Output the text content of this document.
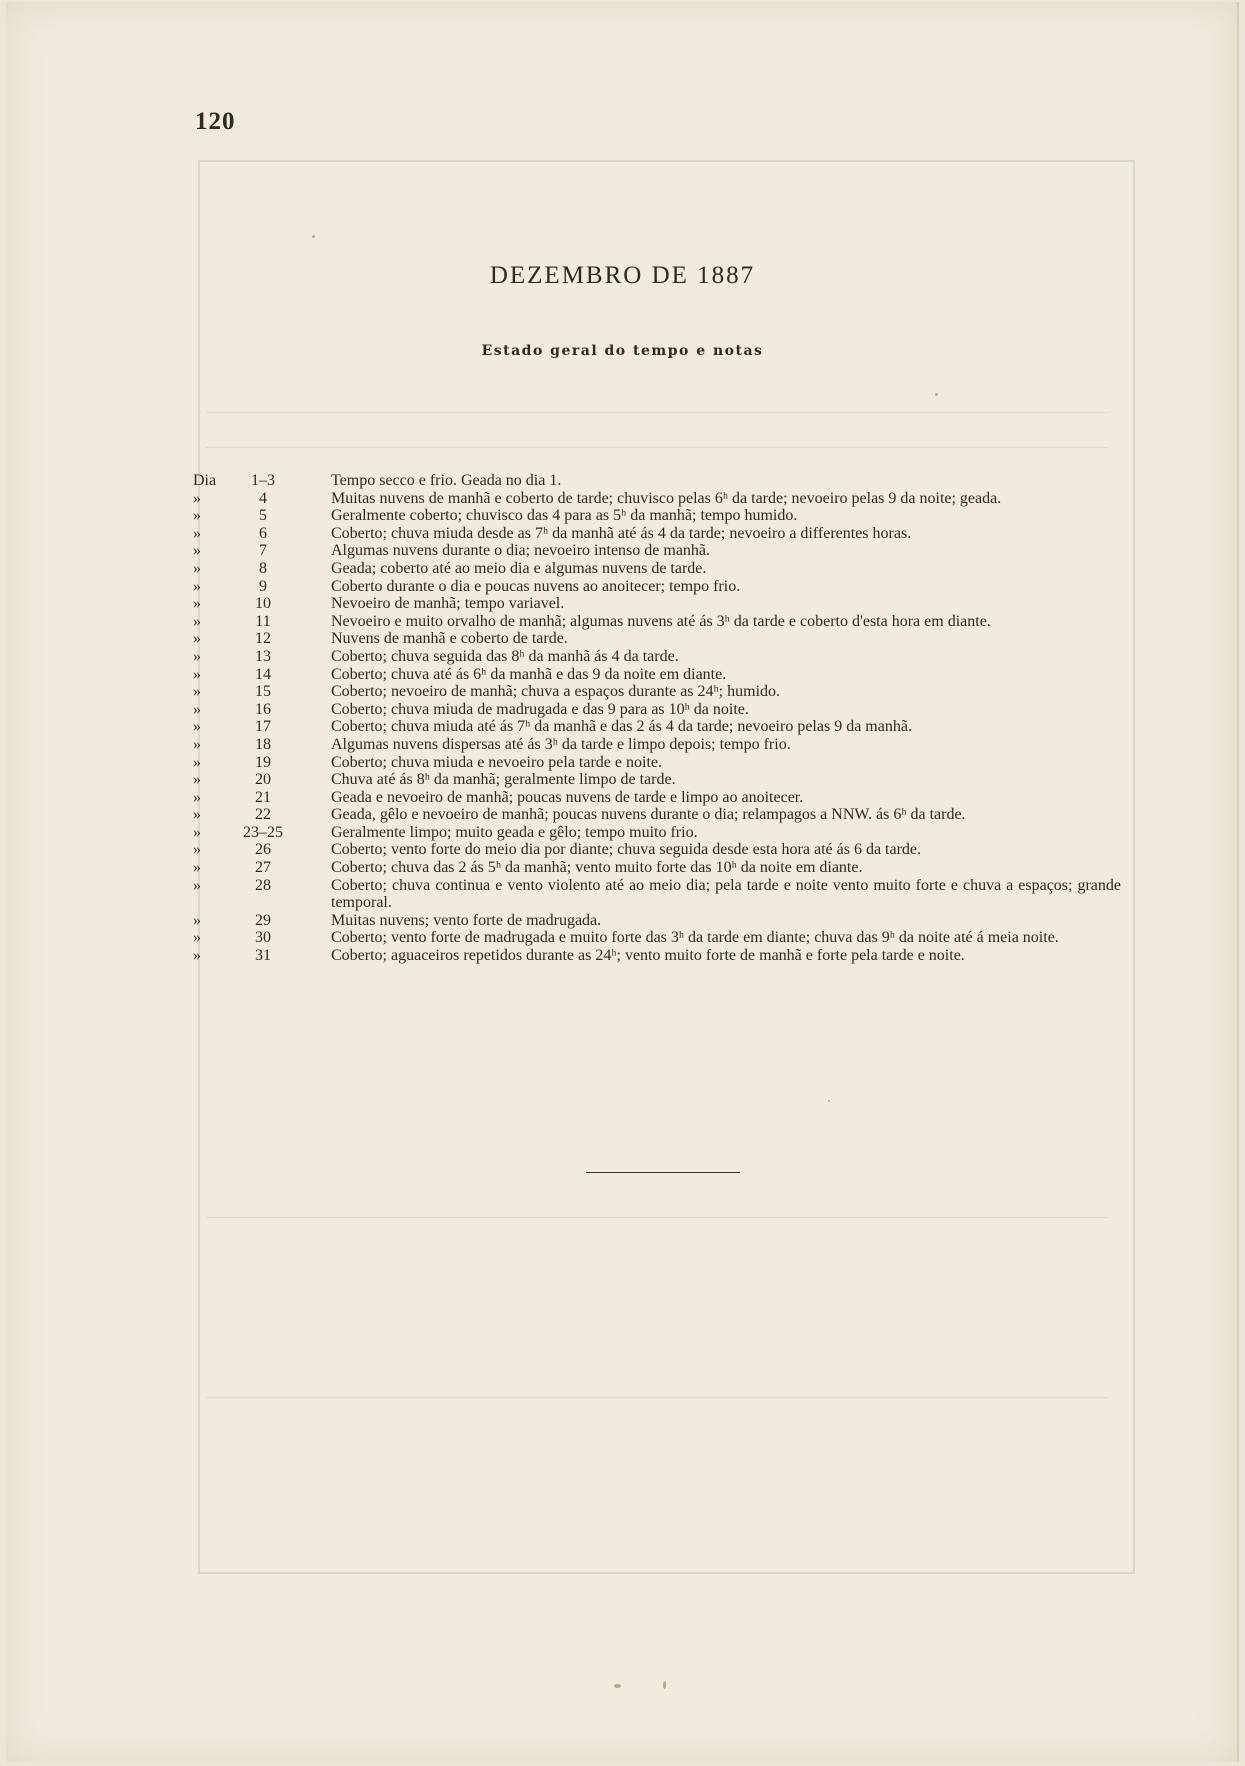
120
DEZEMBRO DE 1887
Estado geral do tempo e notas
Dia	1–3	Tempo secco e frio. Geada no dia 1.
»	4	Muitas nuvens de manhã e coberto de tarde; chuvisco pelas 6ʰ da tarde; nevoeiro pelas 9 da noite; geada.
»	5	Geralmente coberto; chuvisco das 4 para as 5ʰ da manhã; tempo humido.
»	6	Coberto; chuva miuda desde as 7ʰ da manhã até ás 4 da tarde; nevoeiro a differentes horas.
»	7	Algumas nuvens durante o dia; nevoeiro intenso de manhã.
»	8	Geada; coberto até ao meio dia e algumas nuvens de tarde.
»	9	Coberto durante o dia e poucas nuvens ao anoitecer; tempo frio.
»	10	Nevoeiro de manhã; tempo variavel.
»	11	Nevoeiro e muito orvalho de manhã; algumas nuvens até ás 3ʰ da tarde e coberto d'esta hora em diante.
»	12	Nuvens de manhã e coberto de tarde.
»	13	Coberto; chuva seguida das 8ʰ da manhã ás 4 da tarde.
»	14	Coberto; chuva até ás 6ʰ da manhã e das 9 da noite em diante.
»	15	Coberto; nevoeiro de manhã; chuva a espaços durante as 24ʰ; humido.
»	16	Coberto; chuva miuda de madrugada e das 9 para as 10ʰ da noite.
»	17	Coberto; chuva miuda até ás 7ʰ da manhã e das 2 ás 4 da tarde; nevoeiro pelas 9 da manhã.
»	18	Algumas nuvens dispersas até ás 3ʰ da tarde e limpo depois; tempo frio.
»	19	Coberto; chuva miuda e nevoeiro pela tarde e noite.
»	20	Chuva até ás 8ʰ da manhã; geralmente limpo de tarde.
»	21	Geada e nevoeiro de manhã; poucas nuvens de tarde e limpo ao anoitecer.
»	22	Geada, gêlo e nevoeiro de manhã; poucas nuvens durante o dia; relampagos a NNW. ás 6ʰ da tarde.
»	23–25	Geralmente limpo; muito geada e gêlo; tempo muito frio.
»	26	Coberto; vento forte do meio dia por diante; chuva seguida desde esta hora até ás 6 da tarde.
»	27	Coberto; chuva das 2 ás 5ʰ da manhã; vento muito forte das 10ʰ da noite em diante.
»	28	Coberto; chuva continua e vento violento até ao meio dia; pela tarde e noite vento muito forte e chuva a espaços; grande temporal.
»	29	Muitas nuvens; vento forte de madrugada.
»	30	Coberto; vento forte de madrugada e muito forte das 3ʰ da tarde em diante; chuva das 9ʰ da noite até á meia noite.
»	31	Coberto; aguaceiros repetidos durante as 24ʰ; vento muito forte de manhã e forte pela tarde e noite.
